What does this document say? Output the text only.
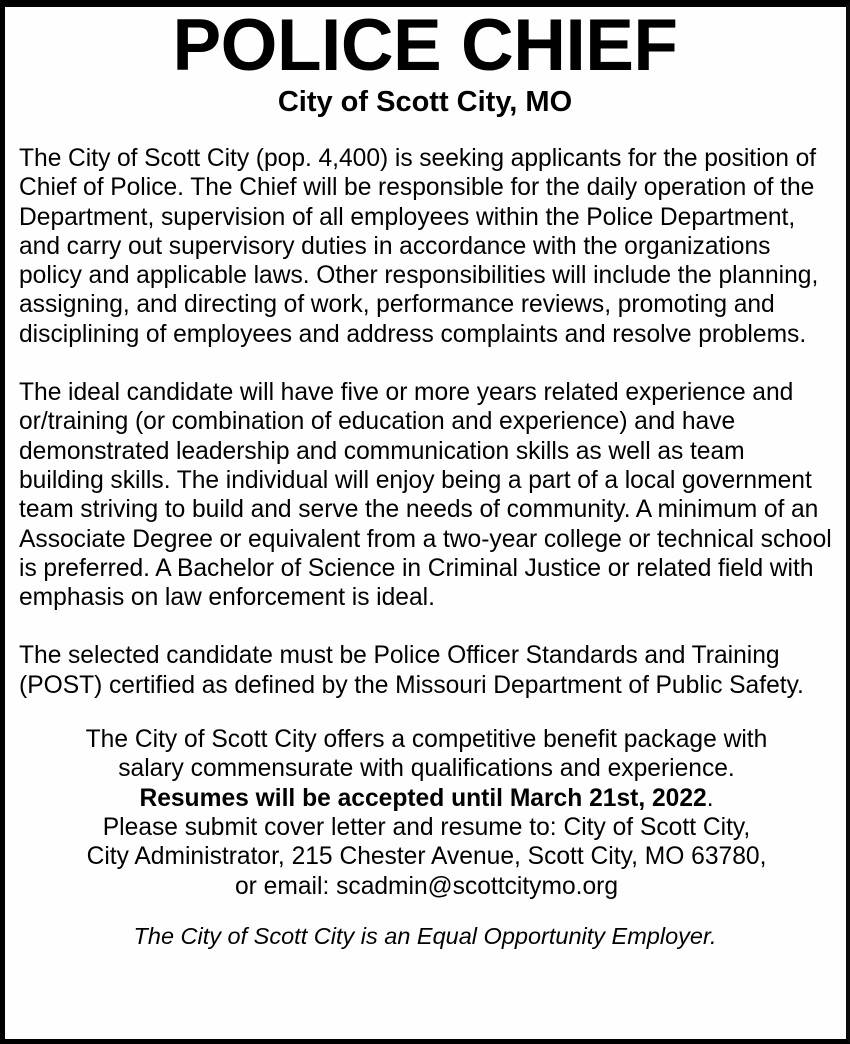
POLICE CHIEF
City of Scott City, MO

The City of Scott City (pop. 4,400) is seeking applicants for the position of Chief of Police. The Chief will be responsible for the daily operation of the Department, supervision of all employees within the Police Department, and carry out supervisory duties in accordance with the organizations policy and applicable laws. Other responsibilities will include the planning, assigning, and directing of work, performance reviews, promoting and disciplining of employees and address complaints and resolve problems.

The ideal candidate will have five or more years related experience and or/training (or combination of education and experience) and have demonstrated leadership and communication skills as well as team building skills. The individual will enjoy being a part of a local government team striving to build and serve the needs of community. A minimum of an Associate Degree or equivalent from a two-year college or technical school is preferred. A Bachelor of Science in Criminal Justice or related field with emphasis on law enforcement is ideal.

The selected candidate must be Police Officer Standards and Training (POST) certified as defined by the Missouri Department of Public Safety.

The City of Scott City offers a competitive benefit package with

salary commensurate with qualifications and experience.

Resumes will be accepted until March 21st, 2022.

Please submit cover letter and resume to: City of Scott City,

City Administrator, 215 Chester Avenue, Scott City, MO 63780,

or email: scadmin@scottcitymo.org

The City of Scott City is an Equal Opportunity Employer.
